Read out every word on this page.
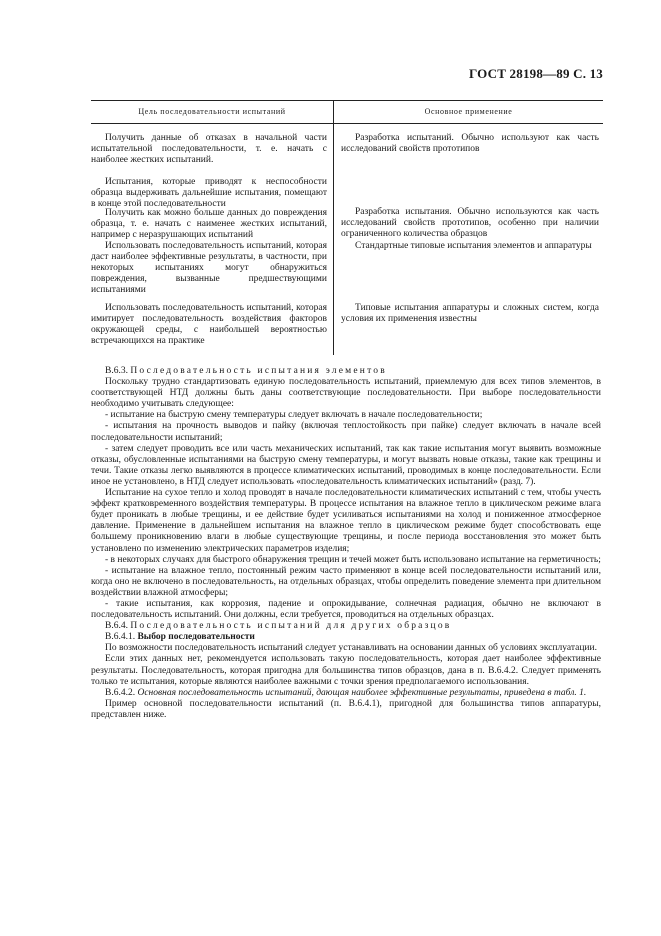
ГОСТ 28198—89 С. 13
Цель последовательности испытаний	Основное применение
Получить данные об отказах в начальной части испытательной последовательности, т. е. начать с наиболее жестких испытаний.
Разработка испытаний. Обычно используют как часть исследований свойств прототипов
Испытания, которые приводят к неспособности образца выдерживать дальнейшие испытания, помещают в конце этой последовательности
Получить как можно больше данных до повреждения образца, т. е. начать с наименее жестких испытаний, например с неразрушающих испытаний
Разработка испытания. Обычно используются как часть исследований свойств прототипов, особенно при наличии ограниченного количества образцов
Использовать последовательность испытаний, которая даст наиболее эффективные результаты, в частности, при некоторых испытаниях могут обнаружиться повреждения, вызванные предшествующими испытаниями
Стандартные типовые испытания элементов и аппаратуры
Использовать последовательность испытаний, которая имитирует последовательность воздействия факторов окружающей среды, с наибольшей вероятностью встречающихся на практике
Типовые испытания аппаратуры и сложных систем, когда условия их применения известны

В.6.3. Последовательность испытания элементов

Поскольку трудно стандартизовать единую последовательность испытаний, приемлемую для всех типов элементов, в соответствующей НТД должны быть даны соответствующие последовательности. При выборе последовательности необходимо учитывать следующее:

- испытание на быструю смену температуры следует включать в начале последовательности;

- испытания на прочность выводов и пайку (включая теплостойкость при пайке) следует включать в начале всей последовательности испытаний;

- затем следует проводить все или часть механических испытаний, так как такие испытания могут выявить возможные отказы, обусловленные испытаниями на быструю смену температуры, и могут вызвать новые отказы, такие как трещины и течи. Такие отказы легко выявляются в процессе климатических испытаний, проводимых в конце последовательности. Если иное не установлено, в НТД следует использовать «последовательность климатических испытаний» (разд. 7).

Испытание на сухое тепло и холод проводят в начале последовательности климатических испытаний с тем, чтобы учесть эффект кратковременного воздействия температуры. В процессе испытания на влажное тепло в циклическом режиме влага будет проникать в любые трещины, и ее действие будет усиливаться испытаниями на холод и пониженное атмосферное давление. Применение в дальнейшем испытания на влажное тепло в циклическом режиме будет способствовать еще большему проникновению влаги в любые существующие трещины, и после периода восстановления это может быть установлено по изменению электрических параметров изделия;

- в некоторых случаях для быстрого обнаружения трещин и течей может быть использовано испытание на герметичность;

- испытание на влажное тепло, постоянный режим часто применяют в конце всей последовательности испытаний или, когда оно не включено в последовательность, на отдельных образцах, чтобы определить поведение элемента при длительном воздействии влажной атмосферы;

- такие испытания, как коррозия, падение и опрокидывание, солнечная радиация, обычно не включают в последовательность испытаний. Они должны, если требуется, проводиться на отдельных образцах.

В.6.4. Последовательность испытаний для других образцов

В.6.4.1. Выбор последовательности

По возможности последовательность испытаний следует устанавливать на основании данных об условиях эксплуатации.

Если этих данных нет, рекомендуется использовать такую последовательность, которая дает наиболее эффективные результаты. Последовательность, которая пригодна для большинства типов образцов, дана в п. В.6.4.2. Следует применять только те испытания, которые являются наиболее важными с точки зрения предполагаемого использования.

В.6.4.2. Основная последовательность испытаний, дающая наиболее эффективные результаты, приведена в табл. 1.

Пример основной последовательности испытаний (п. В.6.4.1), пригодной для большинства типов аппаратуры, представлен ниже.
